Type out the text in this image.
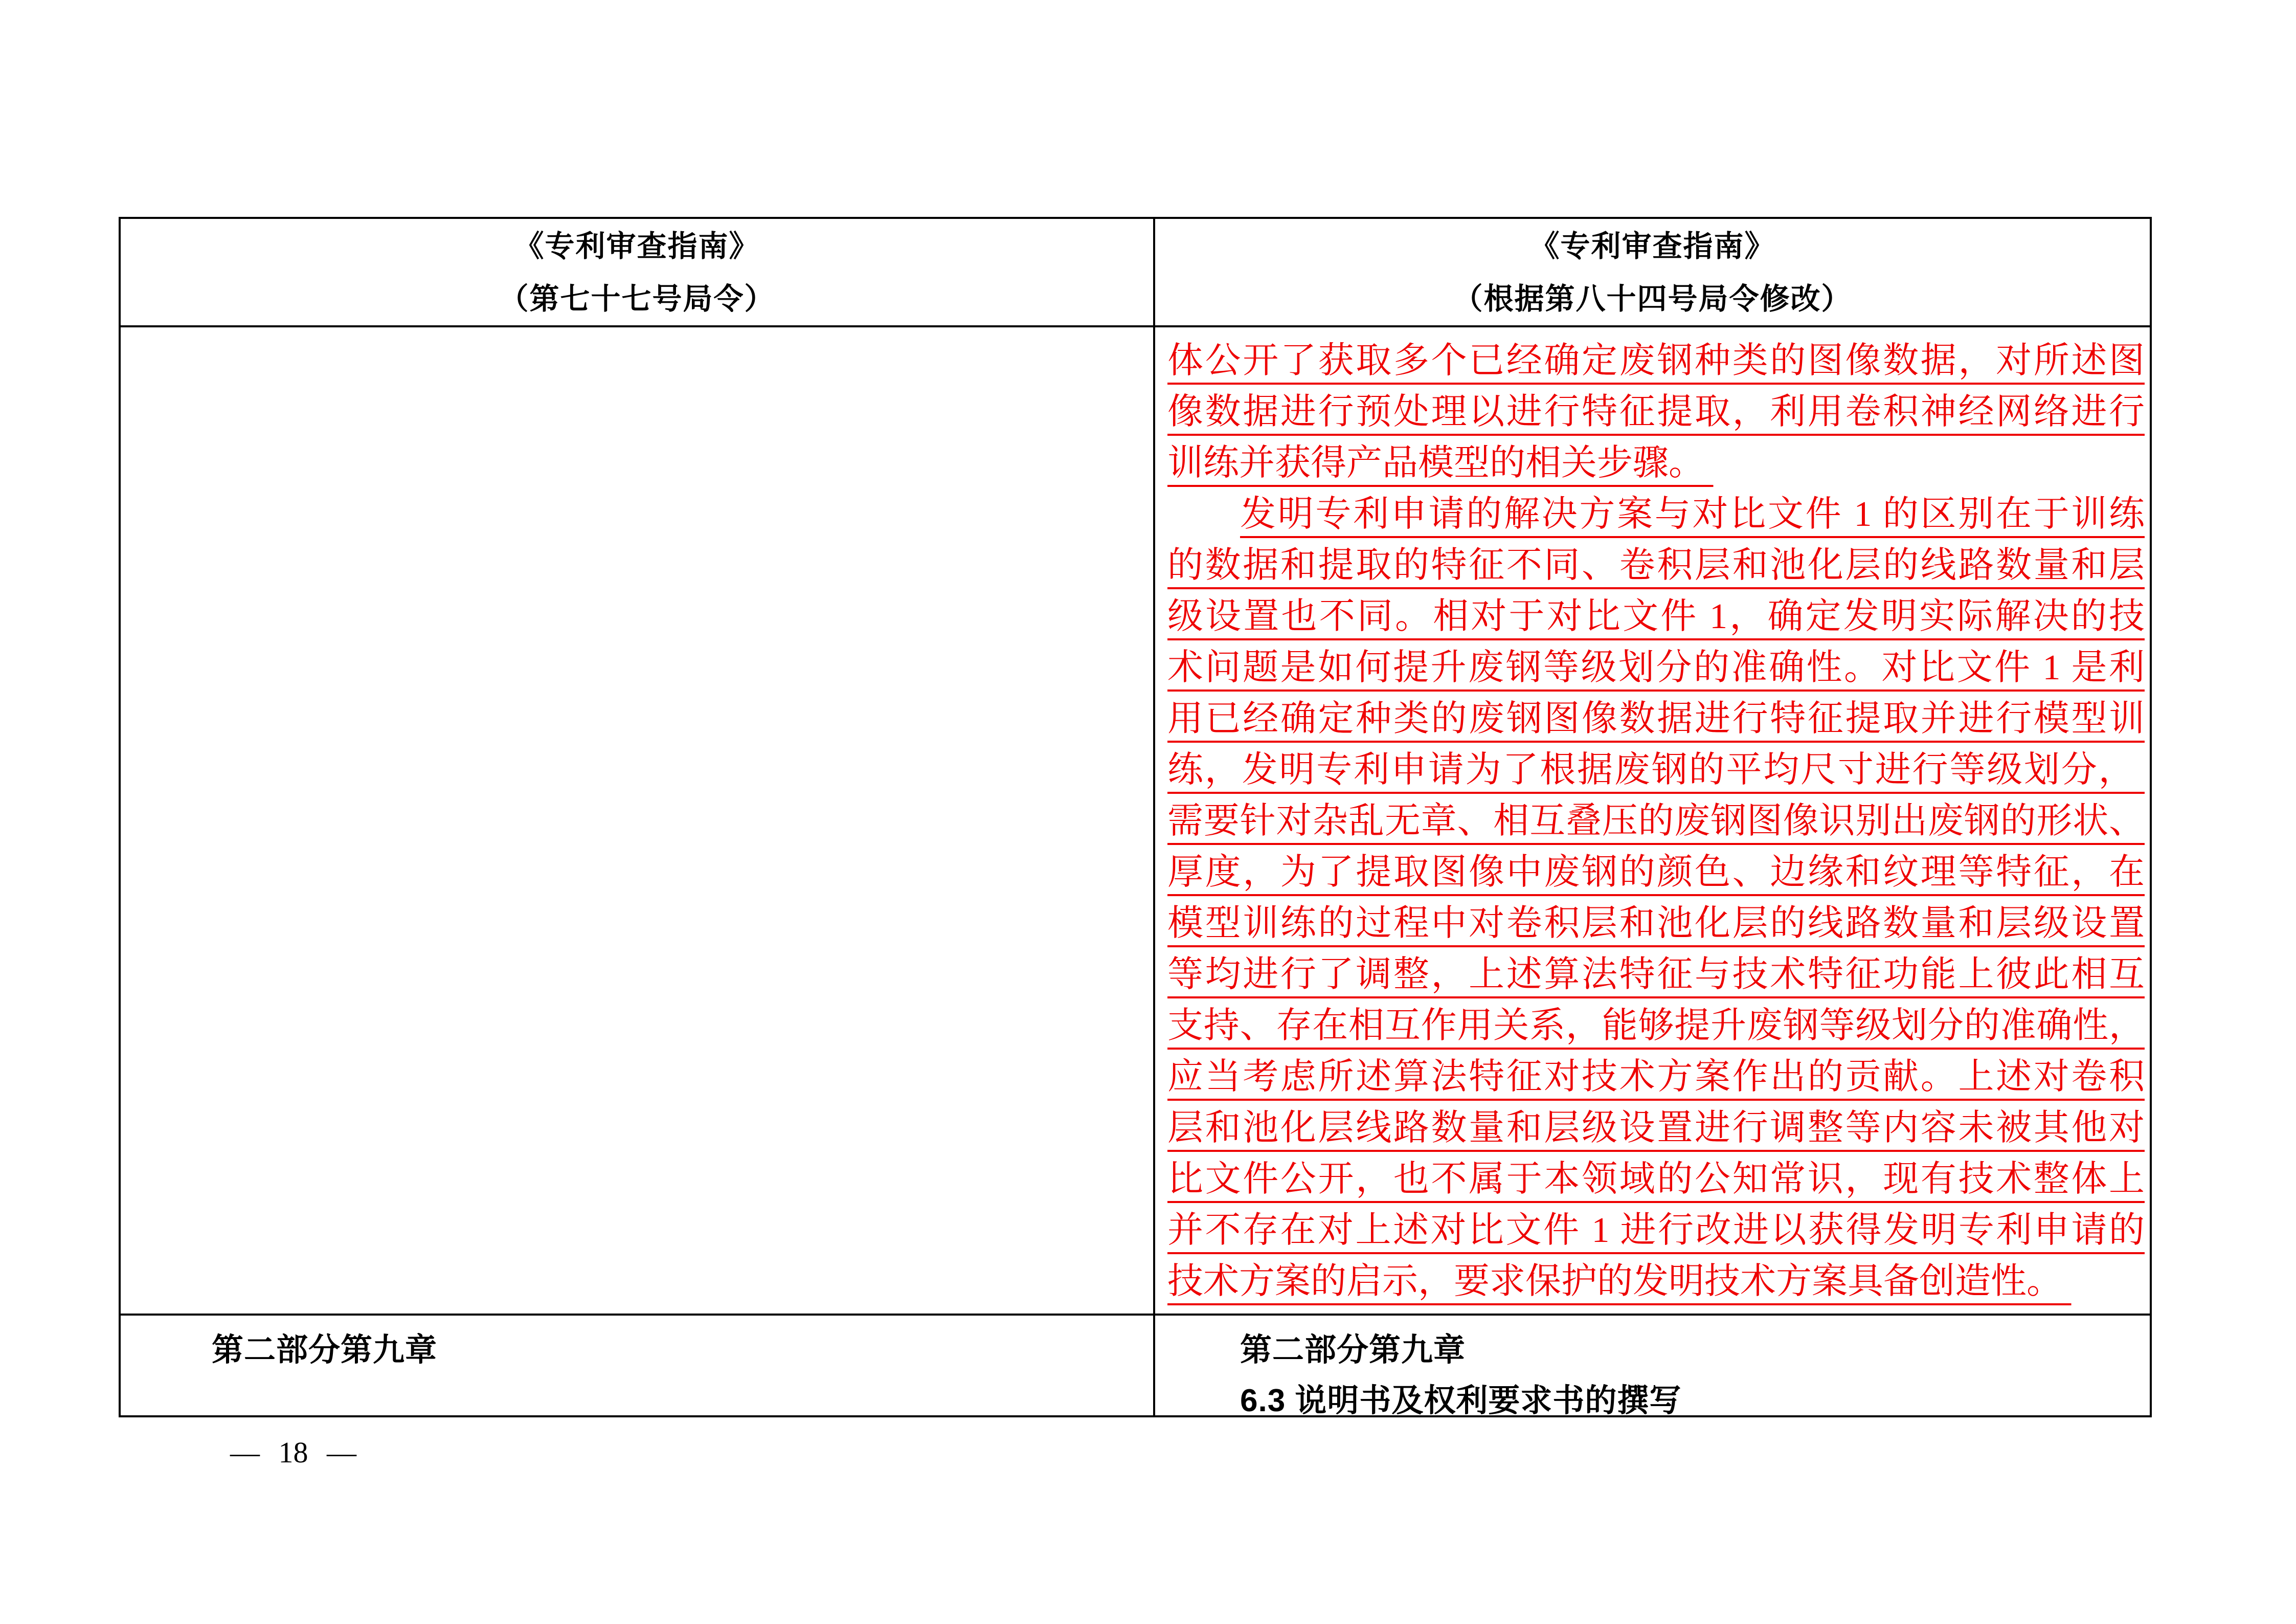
《专利审查指南》
（第七十七号局令）
《专利审查指南》
（根据第八十四号局令修改）
体公开了获取多个已经确定废钢种类的图像数据，对所述图
像数据进行预处理以进行特征提取，利用卷积神经网络进行
训练并获得产品模型的相关步骤。
发明专利申请的解决方案与对比文件 1 的区别在于训练
的数据和提取的特征不同、卷积层和池化层的线路数量和层
级设置也不同。相对于对比文件 1，确定发明实际解决的技
术问题是如何提升废钢等级划分的准确性。对比文件 1 是利
用已经确定种类的废钢图像数据进行特征提取并进行模型训
练，发明专利申请为了根据废钢的平均尺寸进行等级划分，
需要针对杂乱无章、相互叠压的废钢图像识别出废钢的形状、
厚度，为了提取图像中废钢的颜色、边缘和纹理等特征，在
模型训练的过程中对卷积层和池化层的线路数量和层级设置
等均进行了调整，上述算法特征与技术特征功能上彼此相互
支持、存在相互作用关系，能够提升废钢等级划分的准确性，
应当考虑所述算法特征对技术方案作出的贡献。上述对卷积
层和池化层线路数量和层级设置进行调整等内容未被其他对
比文件公开，也不属于本领域的公知常识，现有技术整体上
并不存在对上述对比文件 1 进行改进以获得发明专利申请的
技术方案的启示，要求保护的发明技术方案具备创造性。
第二部分第九章	第二部分第九章
6.3 说明书及权利要求书的撰写
— 18 —
